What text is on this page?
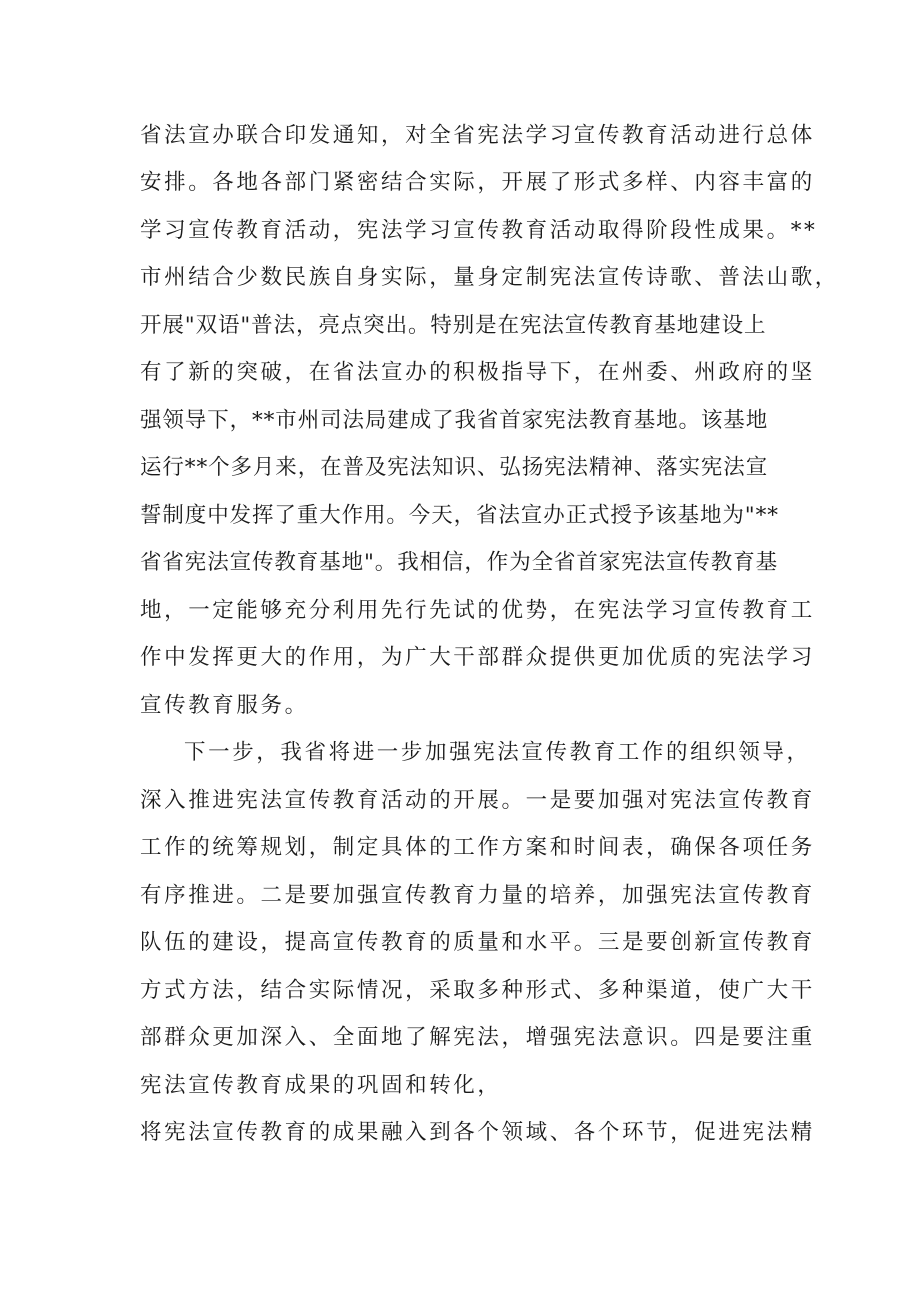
省法宣办联合印发通知，对全省宪法学习宣传教育活动进行总体
安排。各地各部门紧密结合实际，开展了形式多样、内容丰富的
学习宣传教育活动，宪法学习宣传教育活动取得阶段性成果。**
市州结合少数民族自身实际，量身定制宪法宣传诗歌、普法山歌，
开展"双语"普法，亮点突出。特别是在宪法宣传教育基地建设上
有了新的突破，在省法宣办的积极指导下，在州委、州政府的坚
强领导下，**市州司法局建成了我省首家宪法教育基地。该基地
运行**个多月来，在普及宪法知识、弘扬宪法精神、落实宪法宣
誓制度中发挥了重大作用。今天，省法宣办正式授予该基地为"**
省省宪法宣传教育基地"。我相信，作为全省首家宪法宣传教育基
地，一定能够充分利用先行先试的优势，在宪法学习宣传教育工
作中发挥更大的作用，为广大干部群众提供更加优质的宪法学习
宣传教育服务。
下一步，我省将进一步加强宪法宣传教育工作的组织领导，
深入推进宪法宣传教育活动的开展。一是要加强对宪法宣传教育
工作的统筹规划，制定具体的工作方案和时间表，确保各项任务
有序推进。二是要加强宣传教育力量的培养，加强宪法宣传教育
队伍的建设，提高宣传教育的质量和水平。三是要创新宣传教育
方式方法，结合实际情况，采取多种形式、多种渠道，使广大干
部群众更加深入、全面地了解宪法，增强宪法意识。四是要注重
宪法宣传教育成果的巩固和转化，
将宪法宣传教育的成果融入到各个领域、各个环节，促进宪法精
